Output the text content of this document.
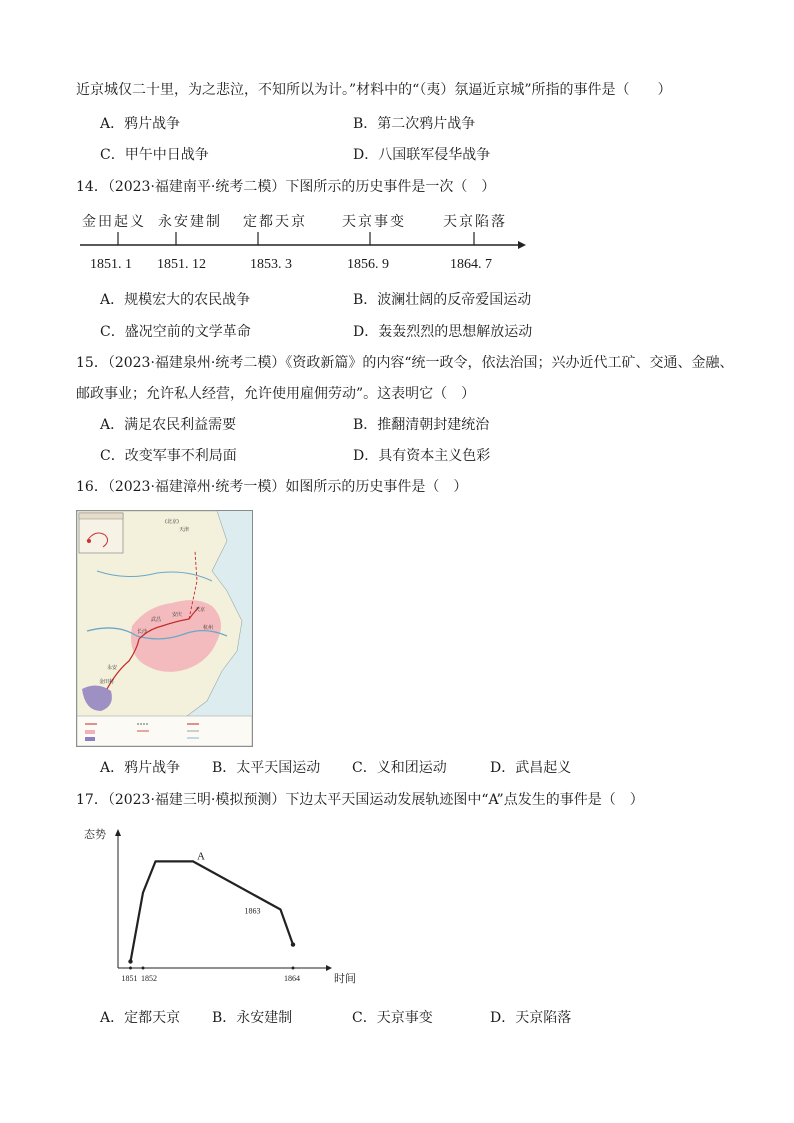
近京城仅二十里，为之悲泣，不知所以为计。”材料中的“（夷）氛逼近京城”所指的事件是（　　）
A．鸦片战争	B．第二次鸦片战争
C．甲午中日战争	D．八国联军侵华战争
14．（2023·福建南平·统考二模）下图所示的历史事件是一次（　）
金田起义 永安建制 定都天京	天京事变	天京陷落
1851. 1 1851. 12	1853. 3	1856. 9	1864. 7
A．规模宏大的农民战争	B．波澜壮阔的反帝爱国运动
C．盛况空前的文学革命	D．轰轰烈烈的思想解放运动
15．（2023·福建泉州·统考二模）《资政新篇》的内容“统一政令，依法治国；兴办近代工矿、交通、金融、
邮政事业；允许私人经营，允许使用雇佣劳动”。这表明它（　）
A．满足农民利益需要	B．推翻清朝封建统治
C．改变军事不利局面	D．具有资本主义色彩
16．（2023·福建漳州·统考一模）如图所示的历史事件是（　）
(北京)
天津
长沙
武昌
安庆
天京
杭州
金田村
永安
A．鸦片战争 B．太平天国运动 C．义和团运动	D．武昌起义
17．（2023·福建三明·模拟预测）下边太平天国运动发展轨迹图中“A”点发生的事件是（　）
态势
时间
1851 1852	1864
A
1863
A．定都天京 B．永安建制	C．天京事变	D．天京陷落
